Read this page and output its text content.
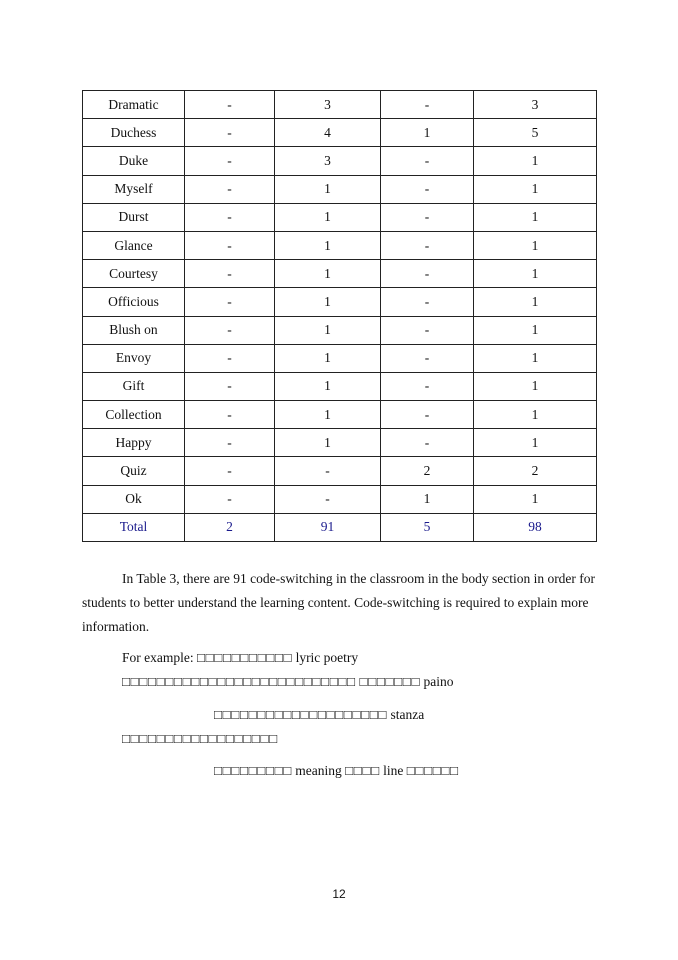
Dramatic	-	3	-	3
Duchess	-	4	1	5
Duke	-	3	-	1
Myself	-	1	-	1
Durst	-	1	-	1
Glance	-	1	-	1
Courtesy	-	1	-	1
Officious	-	1	-	1
Blush on	-	1	-	1
Envoy	-	1	-	1
Gift	-	1	-	1
Collection	-	1	-	1
Happy	-	1	-	1
Quiz	-	-	2	2
Ok	-	-	1	1
Total	2	91	5	98

In Table 3, there are 91 code-switching in the classroom in the body section in order for students to better understand the learning content. Code-switching is required to explain more information.

For example: □□□□□□□□□□□ lyric poetry

□□□□□□□□□□□□□□□□□□□□□□□□□□□ □□□□□□□ paino

□□□□□□□□□□□□□□□□□□□□ stanza

□□□□□□□□□□□□□□□□□□

□□□□□□□□□ meaning □□□□ line □□□□□□

12
